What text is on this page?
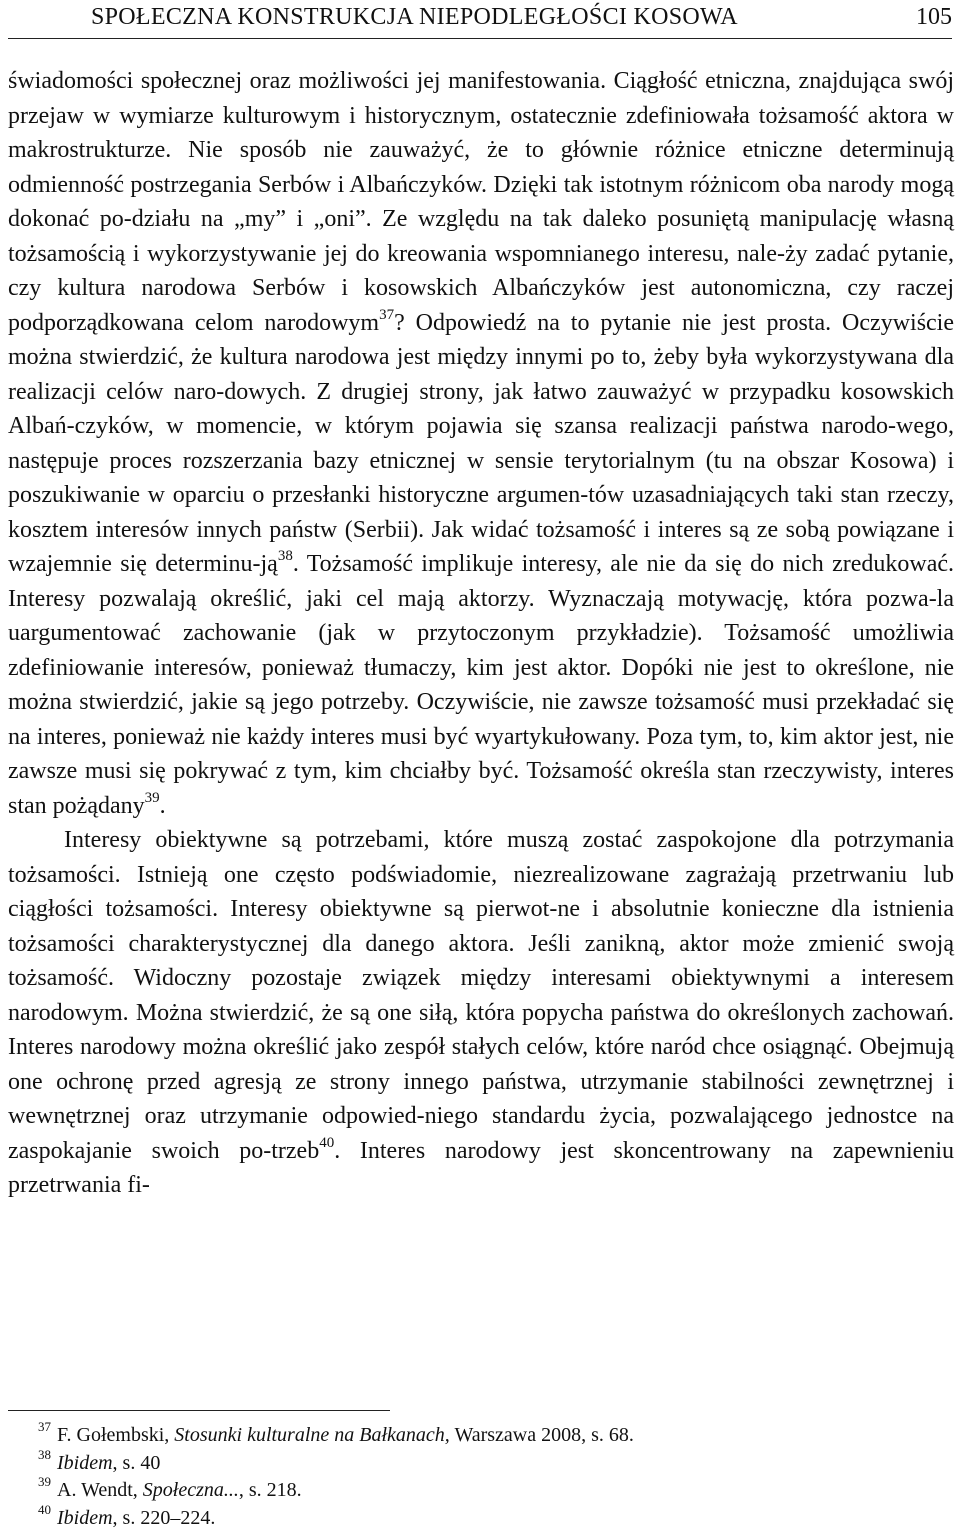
SPOŁECZNA KONSTRUKCJA NIEPODLEGŁOŚCI KOSOWA	105

świadomości społecznej oraz możliwości jej manifestowania. Ciągłość etniczna, znajdująca swój przejaw w wymiarze kulturowym i historycznym, ostatecznie zdefiniowała tożsamość aktora w makrostrukturze. Nie sposób nie zauważyć, że to głównie różnice etniczne determinują odmienność postrzegania Serbów i Albańczyków. Dzięki tak istotnym różnicom oba narody mogą dokonać po-działu na „my” i „oni”. Ze względu na tak daleko posuniętą manipulację własną tożsamością i wykorzystywanie jej do kreowania wspomnianego interesu, nale-ży zadać pytanie, czy kultura narodowa Serbów i kosowskich Albańczyków jest autonomiczna, czy raczej podporządkowana celom narodowym$^{37}$? Odpowiedź na to pytanie nie jest prosta. Oczywiście można stwierdzić, że kultura narodowa jest między innymi po to, żeby była wykorzystywana dla realizacji celów naro-dowych. Z drugiej strony, jak łatwo zauważyć w przypadku kosowskich Albań-czyków, w momencie, w którym pojawia się szansa realizacji państwa narodo-wego, następuje proces rozszerzania bazy etnicznej w sensie terytorialnym (tu na obszar Kosowa) i poszukiwanie w oparciu o przesłanki historyczne argumen-tów uzasadniających taki stan rzeczy, kosztem interesów innych państw (Serbii). Jak widać tożsamość i interes są ze sobą powiązane i wzajemnie się determinu-$ją^{38}$. Tożsamość implikuje interesy, ale nie da się do nich zredukować. Interesy pozwalają określić, jaki cel mają aktorzy. Wyznaczają motywację, która pozwa-la uargumentować zachowanie (jak w przytoczonym przykładzie). Tożsamość umożliwia zdefiniowanie interesów, ponieważ tłumaczy, kim jest aktor. Dopóki nie jest to określone, nie można stwierdzić, jakie są jego potrzeby. Oczywiście, nie zawsze tożsamość musi przekładać się na interes, ponieważ nie każdy interes musi być wyartykułowany. Poza tym, to, kim aktor jest, nie zawsze musi się pokrywać z tym, kim chciałby być. Tożsamość określa stan rzeczywisty, interes stan pożądany$^{39}$.

Interesy obiektywne są potrzebami, które muszą zostać zaspokojone dla potrzymania tożsamości. Istnieją one często podświadomie, niezrealizowane zagrażają przetrwaniu lub ciągłości tożsamości. Interesy obiektywne są pierwot-ne i absolutnie konieczne dla istnienia tożsamości charakterystycznej dla danego aktora. Jeśli zanikną, aktor może zmienić swoją tożsamość. Widoczny pozostaje związek między interesami obiektywnymi a interesem narodowym. Można stwierdzić, że są one siłą, która popycha państwa do określonych zachowań. Interes narodowy można określić jako zespół stałych celów, które naród chce osiągnąć. Obejmują one ochronę przed agresją ze strony innego państwa, utrzymanie stabilności zewnętrznej i wewnętrznej oraz utrzymanie odpowied-niego standardu życia, pozwalającego jednostce na zaspokajanie swoich po-trzeb$^{40}$. Interes narodowy jest skoncentrowany na zapewnieniu przetrwania fi-

$^{37}$ F. Gołembski, Stosunki kulturalne na Bałkanach, Warszawa 2008, s. 68.
$^{38}$ Ibidem, s. 40
$^{39}$ A. Wendt, Społeczna..., s. 218.
$^{40}$ Ibidem, s. 220–224.
